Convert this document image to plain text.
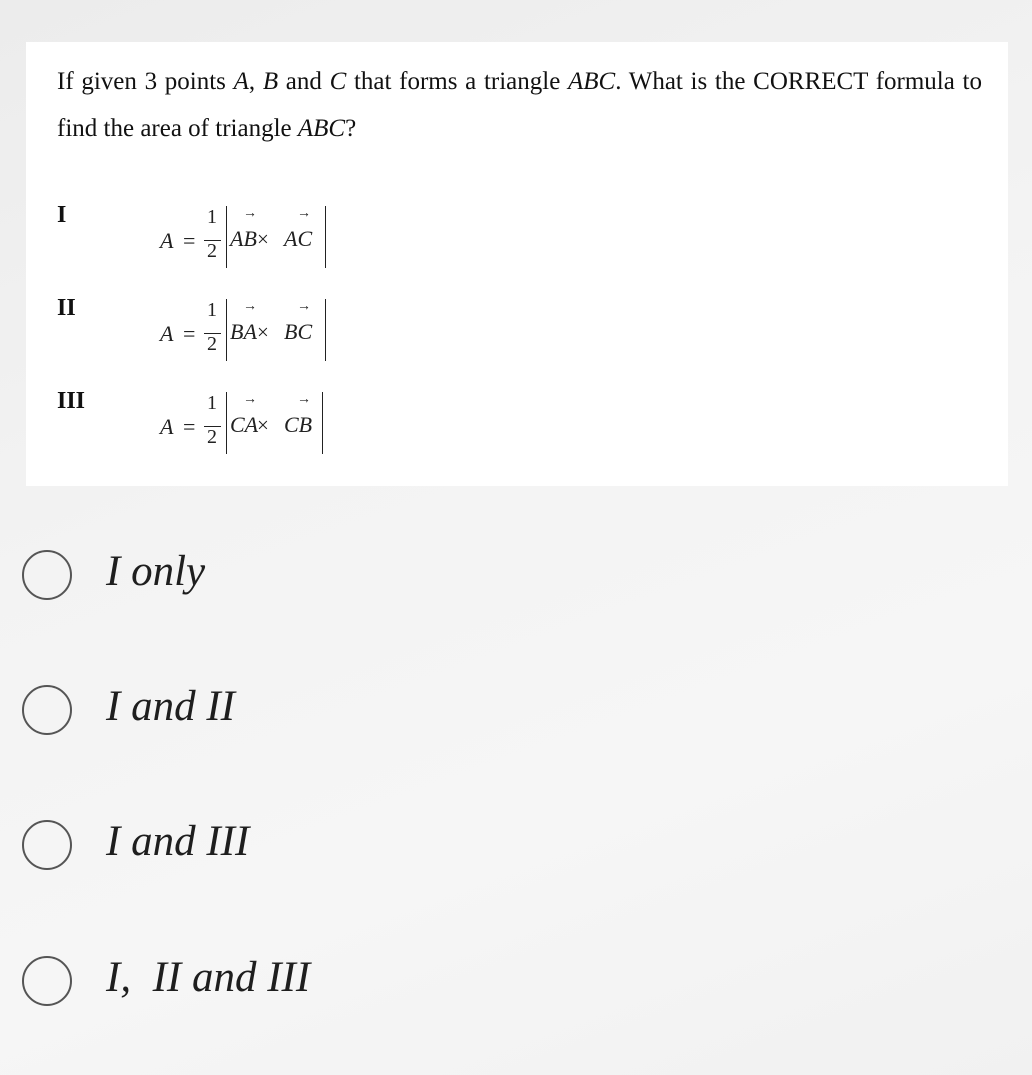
If given 3 points A, B and C that forms a triangle ABC. What is the CORRECT formula to find the area of triangle ABC?
I
A =
1
2
→
AB ×
→
AC
II
A =
1
2
→
BA ×
→
BC
III
A =
1
2
→
CA
×
→
CB
I only
I and II
I and III
I,  II and III
